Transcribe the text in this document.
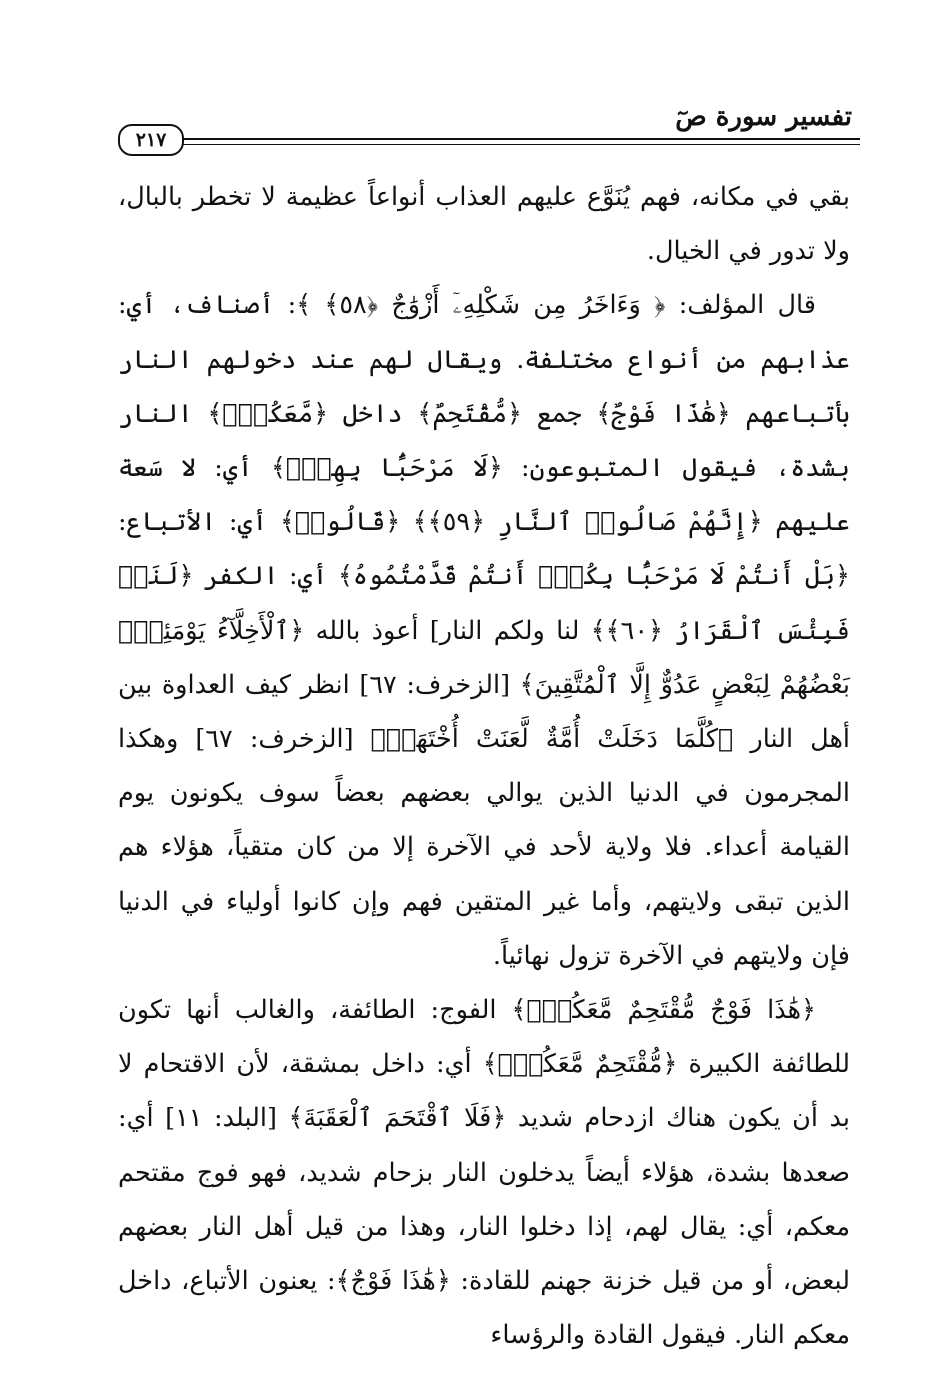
٢١٧
تفسير سورة صٓ

بقي في مكانه، فهم يُنَوَّع عليهم العذاب أنواعاً عظيمة لا تخطر بالبال، ولا تدور في الخيال.

قال المؤلف: ﴿ وَءَاخَرُ مِن شَكْلِهِۦٓ أَزْوَٰجٌ ﴿٥٨﴾ ﴾: أصناف، أي: عذابهم من أنواع مختلفة. ويقال لهم عند دخولهم النار بأتباعهم ﴿هَٰذَا فَوْجٌ﴾ جمع ﴿مُّقْتَحِمٌ﴾ داخل ﴿مَّعَكُمْۖ﴾ النار بشدة، فيقول المتبوعون: ﴿لَا مَرْحَبًۢا بِهِمْۚ﴾ أي: لا سَعة عليهم ﴿إِنَّهُمْ صَالُوا۟ ٱلنَّارِ ﴿٥٩﴾﴾ ﴿قَالُوا۟﴾ أي: الأتباع: ﴿بَلْ أَنتُمْ لَا مَرْحَبًۢا بِكُمْۖ أَنتُمْ قَدَّمْتُمُوهُ﴾ أي: الكفر ﴿لَنَاۖ فَبِئْسَ ٱلْقَرَارُ ﴿٦٠﴾﴾ لنا ولكم النار] أعوذ بالله ﴿ٱلْأَخِلَّآءُ يَوْمَئِذٍۭ بَعْضُهُمْ لِبَعْضٍ عَدُوٌّ إِلَّا ٱلْمُتَّقِينَ﴾ [الزخرف: ٦٧] انظر كيف العداوة بين أهل النار ﴿كُلَّمَا دَخَلَتْ أُمَّةٌ لَّعَنَتْ أُخْتَهَاۖ﴾ [الزخرف: ٦٧] وهكذا المجرمون في الدنيا الذين يوالي بعضهم بعضاً سوف يكونون يوم القيامة أعداء. فلا ولاية لأحد في الآخرة إلا من كان متقياً، هؤلاء هم الذين تبقى ولايتهم، وأما غير المتقين فهم وإن كانوا أولياء في الدنيا فإن ولايتهم في الآخرة تزول نهائياً.

﴿هَٰذَا فَوْجٌ مُّقْتَحِمٌ مَّعَكُمْۖ﴾ الفوج: الطائفة، والغالب أنها تكون للطائفة الكبيرة ﴿مُّقْتَحِمٌ مَّعَكُمْۖ﴾ أي: داخل بمشقة، لأن الاقتحام لا بد أن يكون هناك ازدحام شديد ﴿فَلَا ٱقْتَحَمَ ٱلْعَقَبَةَ﴾ [البلد: ١١] أي: صعدها بشدة، هؤلاء أيضاً يدخلون النار بزحام شديد، فهو فوج مقتحم معكم، أي: يقال لهم، إذا دخلوا النار، وهذا من قيل أهل النار بعضهم لبعض، أو من قيل خزنة جهنم للقادة: ﴿هَٰذَا فَوْجٌ﴾: يعنون الأتباع، داخل معكم النار. فيقول القادة والرؤساء
